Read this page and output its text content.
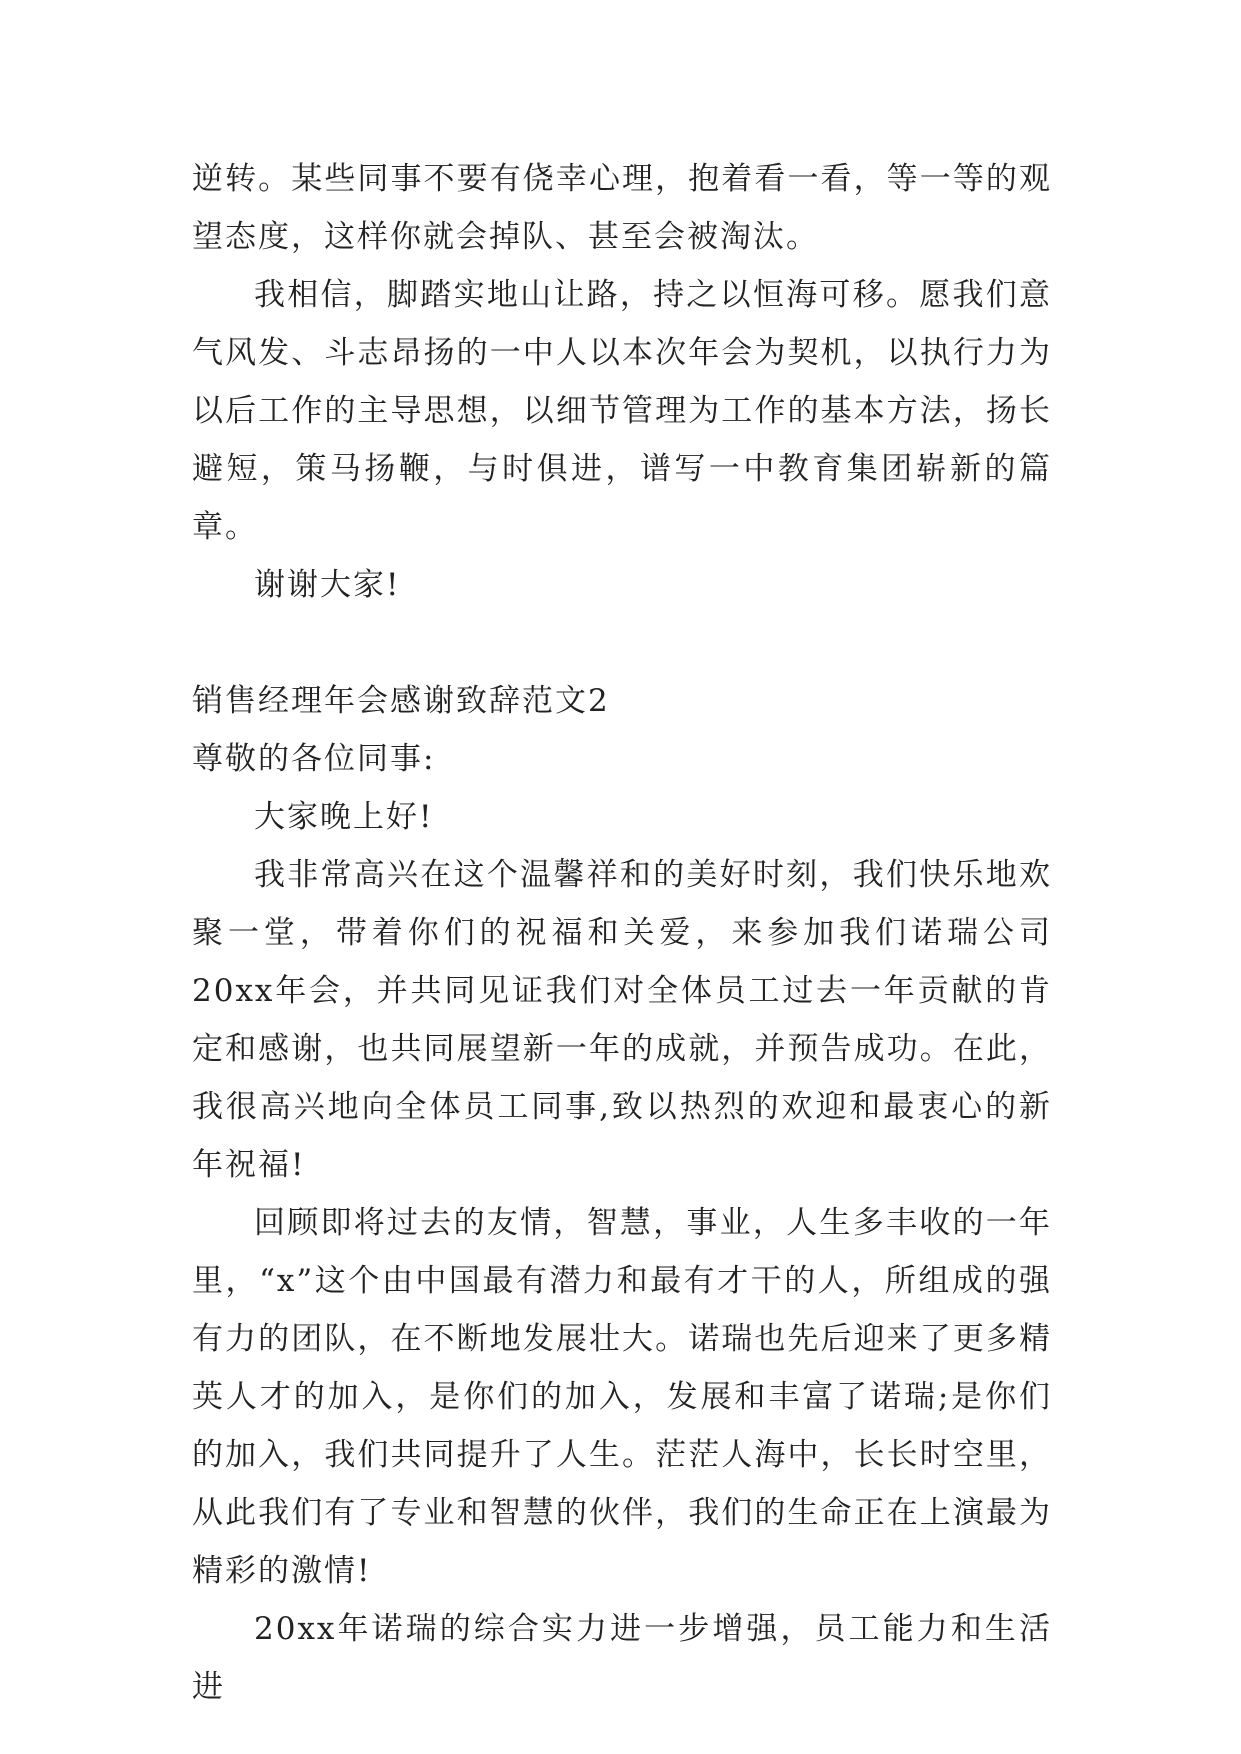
逆转。某些同事不要有侥幸心理，抱着看一看，等一等的观望态度，这样你就会掉队、甚至会被淘汰。

我相信，脚踏实地山让路，持之以恒海可移。愿我们意气风发、斗志昂扬的一中人以本次年会为契机，以执行力为以后工作的主导思想，以细节管理为工作的基本方法，扬长避短，策马扬鞭，与时俱进，谱写一中教育集团崭新的篇章。

谢谢大家!

销售经理年会感谢致辞范文2

尊敬的各位同事:

大家晚上好!

我非常高兴在这个温馨祥和的美好时刻，我们快乐地欢聚一堂，带着你们的祝福和关爱，来参加我们诺瑞公司20xx年会，并共同见证我们对全体员工过去一年贡献的肯定和感谢，也共同展望新一年的成就，并预告成功。在此，我很高兴地向全体员工同事,致以热烈的欢迎和最衷心的新年祝福!

回顾即将过去的友情，智慧，事业，人生多丰收的一年里，“x”这个由中国最有潜力和最有才干的人，所组成的强有力的团队，在不断地发展壮大。诺瑞也先后迎来了更多精英人才的加入，是你们的加入，发展和丰富了诺瑞;是你们的加入，我们共同提升了人生。茫茫人海中，长长时空里，从此我们有了专业和智慧的伙伴，我们的生命正在上演最为精彩的激情!

20xx年诺瑞的综合实力进一步增强，员工能力和生活进
